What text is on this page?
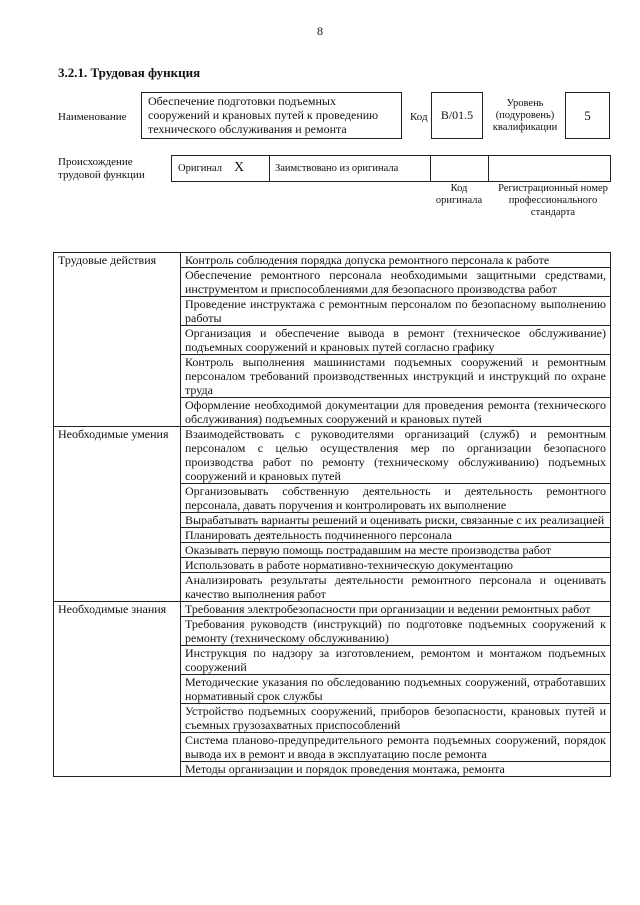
8
3.2.1. Трудовая функция
Наименование
Обеспечение подготовки подъемных сооружений и крановых путей к проведению технического обслуживания и ремонта
Код B/01.5
Уровень (подуровень) квалификации
5
Происхождение трудовой функции
Оригинал X	Заимствовано из оригинала
Код оригинала
Регистрационный номер профессионального стандарта
Трудовые действия	Контроль соблюдения порядка допуска ремонтного персонала к работе
	Обеспечение ремонтного персонала необходимыми защитными средствами, инструментом и приспособлениями для безопасного производства работ
	Проведение инструктажа с ремонтным персоналом по безопасному выполнению работы
	Организация и обеспечение вывода в ремонт (техническое обслуживание) подъемных сооружений и крановых путей согласно графику
	Контроль выполнения машинистами подъемных сооружений и ремонтным персоналом требований производственных инструкций и инструкций по охране труда
	Оформление необходимой документации для проведения ремонта (технического обслуживания) подъемных сооружений и крановых путей
Необходимые умения	Взаимодействовать с руководителями организаций (служб) и ремонтным персоналом с целью осуществления мер по организации безопасного производства работ по ремонту (техническому обслуживанию) подъемных сооружений и крановых путей
	Организовывать собственную деятельность и деятельность ремонтного персонала, давать поручения и контролировать их выполнение
	Вырабатывать варианты решений и оценивать риски, связанные с их реализацией
	Планировать деятельность подчиненного персонала
	Оказывать первую помощь пострадавшим на месте производства работ
	Использовать в работе нормативно-техническую документацию
	Анализировать результаты деятельности ремонтного персонала и оценивать качество выполнения работ
Необходимые знания	Требования электробезопасности при организации и ведении ремонтных работ
	Требования руководств (инструкций) по подготовке подъемных сооружений к ремонту (техническому обслуживанию)
	Инструкция по надзору за изготовлением, ремонтом и монтажом подъемных сооружений
	Методические указания по обследованию подъемных сооружений, отработавших нормативный срок службы
	Устройство подъемных сооружений, приборов безопасности, крановых путей и съемных грузозахватных приспособлений
	Система планово-предупредительного ремонта подъемных сооружений, порядок вывода их в ремонт и ввода в эксплуатацию после ремонта
	Методы организации и порядок проведения монтажа, ремонта
